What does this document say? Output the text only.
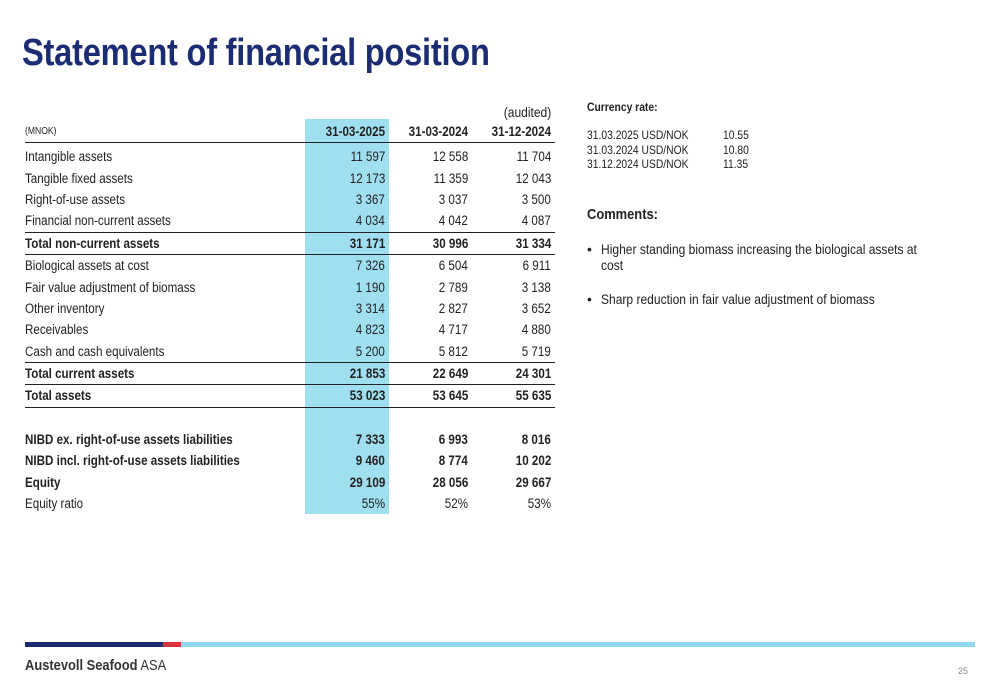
Statement of financial position
			(audited)
(MNOK)	31-03-2025	31-03-2024	31-12-2024
Intangible assets	11 597	12 558	11 704
Tangible fixed assets	12 173	11 359	12 043
Right-of-use assets	3 367	3 037	3 500
Financial non-current assets	4 034	4 042	4 087
Total non-current assets	31 171	30 996	31 334
Biological assets at cost	7 326	6 504	6 911
Fair value adjustment of biomass	1 190	2 789	3 138
Other inventory	3 314	2 827	3 652
Receivables	4 823	4 717	4 880
Cash and cash equivalents	5 200	5 812	5 719
Total current assets	21 853	22 649	24 301
Total assets	53 023	53 645	55 635

NIBD ex. right-of-use assets liabilities	7 333	6 993	8 016
NIBD incl. right-of-use assets liabilities	9 460	8 774	10 202
Equity	29 109	28 056	29 667
Equity ratio	55%	52%	53%
Currency rate:
31.03.2025 USD/NOK	10.55
31.03.2024 USD/NOK	10.80
31.12.2024 USD/NOK	11.35
Comments:
• Higher standing biomass increasing the biological assets at cost
• Sharp reduction in fair value adjustment of biomass
Austevoll Seafood ASA	25
